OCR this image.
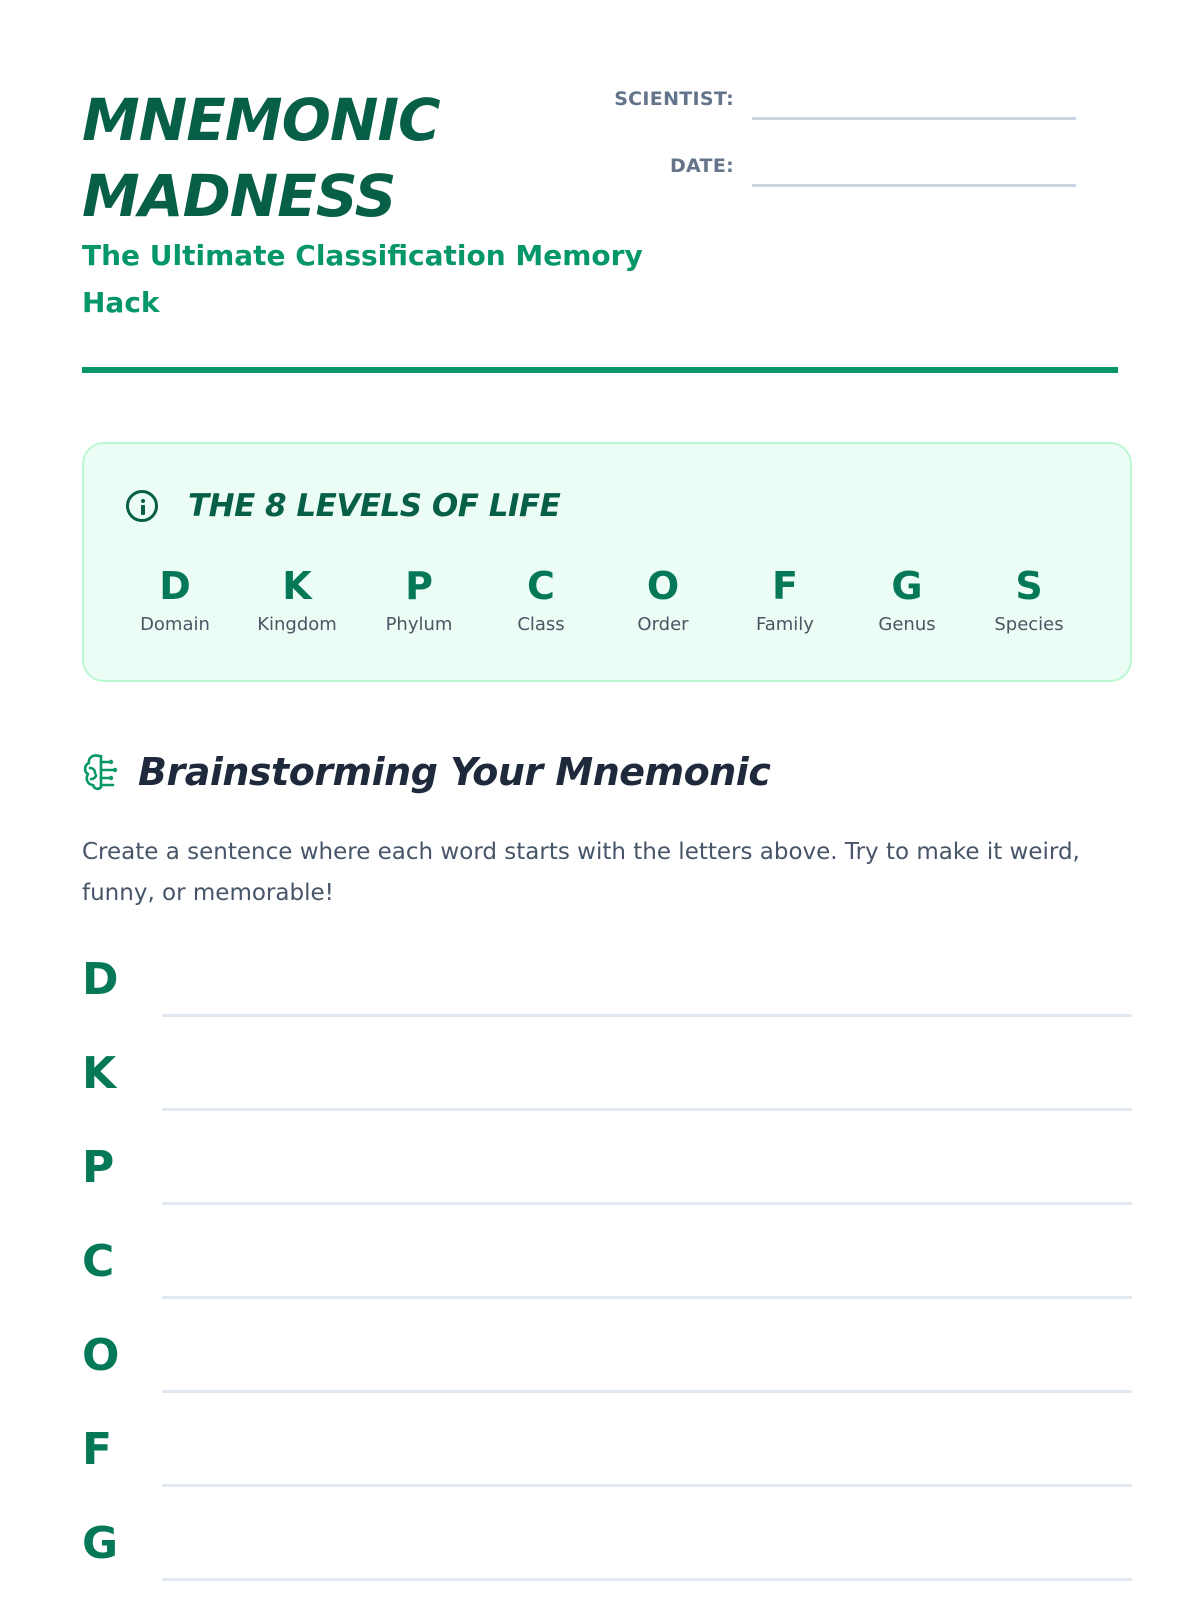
MNEMONIC
MADNESS

The Ultimate Classification Memory Hack

SCIENTIST:
DATE:
THE 8 LEVELS OF LIFE
D
Domain
K
Kingdom
P
Phylum
C
Class
O
Order
F
Family
G
Genus
S
Species
Brainstorming Your Mnemonic

Create a sentence where each word starts with the letters above. Try to make it weird, funny, or memorable!

D
K
P
C
O
F
G
